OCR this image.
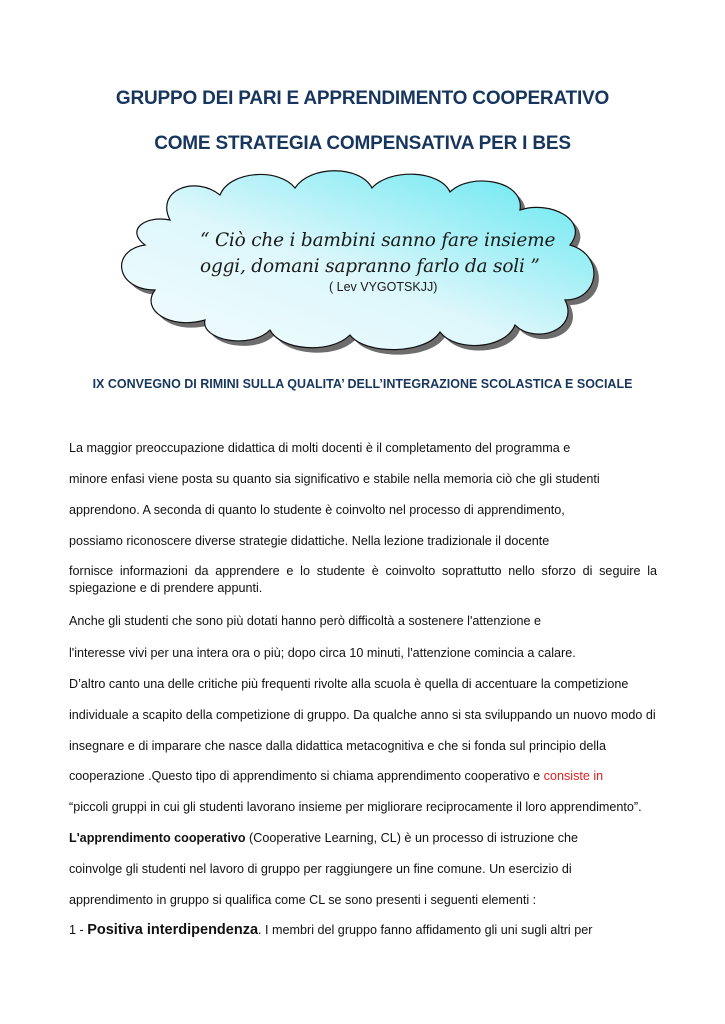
GRUPPO DEI PARI E APPRENDIMENTO COOPERATIVO
COME STRATEGIA COMPENSATIVA PER I BES

“ Ciò che i bambini sanno fare insieme

oggi, domani sapranno farlo da soli ”

( Lev VYGOTSKJJ)

IX CONVEGNO DI RIMINI SULLA QUALITA’ DELL’INTEGRAZIONE SCOLASTICA E SOCIALE

La maggior preoccupazione didattica di molti docenti è il completamento del programma e

minore enfasi viene posta su quanto sia significativo e stabile nella memoria ciò che gli studenti

apprendono. A seconda di quanto lo studente è coinvolto nel processo di apprendimento,

possiamo riconoscere diverse strategie didattiche. Nella lezione tradizionale il docente

fornisce informazioni da apprendere e lo studente è coinvolto soprattutto nello sforzo di seguire la spiegazione e di prendere appunti.

Anche gli studenti che sono più dotati hanno però difficoltà a sostenere l'attenzione e

l'interesse vivi per una intera ora o più; dopo circa 10 minuti, l'attenzione comincia a calare.

D’altro canto una delle critiche più frequenti rivolte alla scuola è quella di accentuare la competizione

individuale a scapito della competizione di gruppo. Da qualche anno si sta sviluppando un nuovo modo di

insegnare e di imparare che nasce dalla didattica metacognitiva e che si fonda sul principio della

cooperazione .Questo tipo di apprendimento si chiama apprendimento cooperativo e consiste in

“piccoli gruppi in cui gli studenti lavorano insieme per migliorare reciprocamente il loro apprendimento”.

L'apprendimento cooperativo (Cooperative Learning, CL) è un processo di istruzione che

coinvolge gli studenti nel lavoro di gruppo per raggiungere un fine comune. Un esercizio di

apprendimento in gruppo si qualifica come CL se sono presenti i seguenti elementi :

1 - Positiva interdipendenza. I membri del gruppo fanno affidamento gli uni sugli altri per
